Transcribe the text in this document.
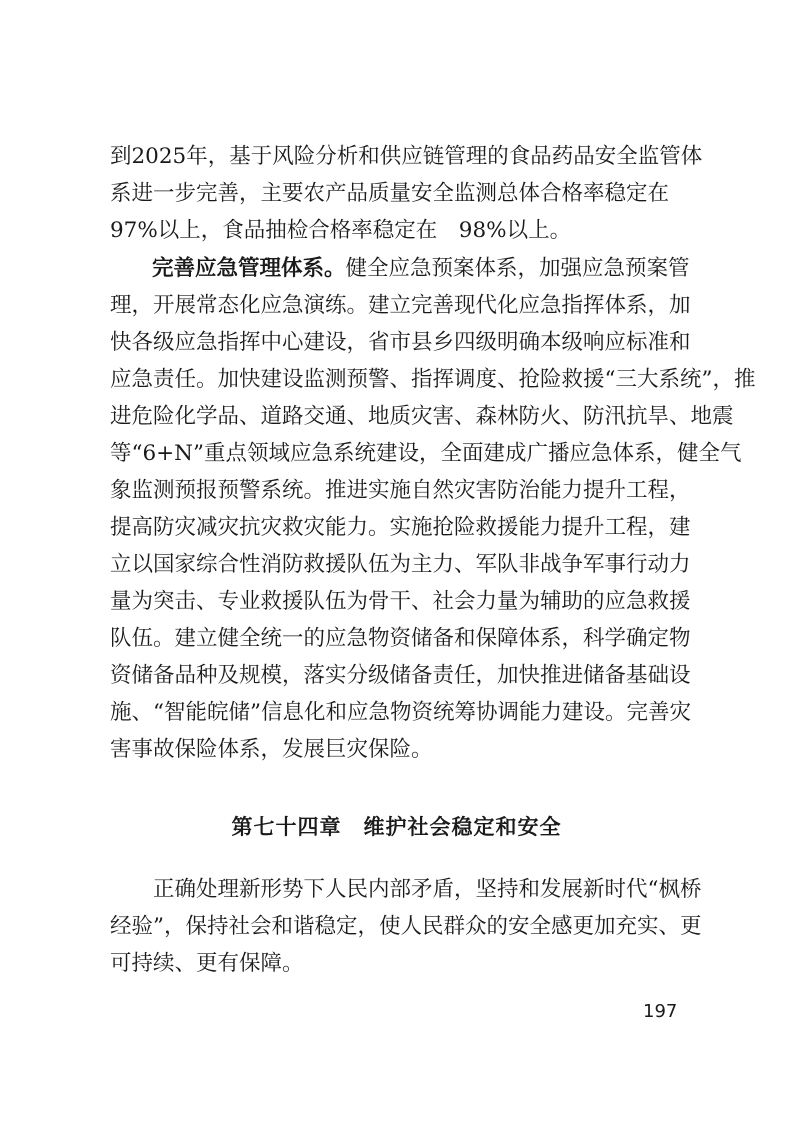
到2025年，基于风险分析和供应链管理的食品药品安全监管体
系进一步完善，主要农产品质量安全监测总体合格率稳定在
97%以上，食品抽检合格率稳定在　98%以上。
完善应急管理体系。健全应急预案体系，加强应急预案管
理，开展常态化应急演练。建立完善现代化应急指挥体系，加
快各级应急指挥中心建设，省市县乡四级明确本级响应标准和
应急责任。加快建设监测预警、指挥调度、抢险救援“三大系统”，推
进危险化学品、道路交通、地质灾害、森林防火、防汛抗旱、地震
等“6+N”重点领域应急系统建设，全面建成广播应急体系，健全气
象监测预报预警系统。推进实施自然灾害防治能力提升工程，
提高防灾减灾抗灾救灾能力。实施抢险救援能力提升工程，建
立以国家综合性消防救援队伍为主力、军队非战争军事行动力
量为突击、专业救援队伍为骨干、社会力量为辅助的应急救援
队伍。建立健全统一的应急物资储备和保障体系，科学确定物
资储备品种及规模，落实分级储备责任，加快推进储备基础设
施、“智能皖储”信息化和应急物资统筹协调能力建设。完善灾
害事故保险体系，发展巨灾保险。
第七十四章　维护社会稳定和安全
　　正确处理新形势下人民内部矛盾，坚持和发展新时代“枫桥
经验”，保持社会和谐稳定，使人民群众的安全感更加充实、更
可持续、更有保障。
197
